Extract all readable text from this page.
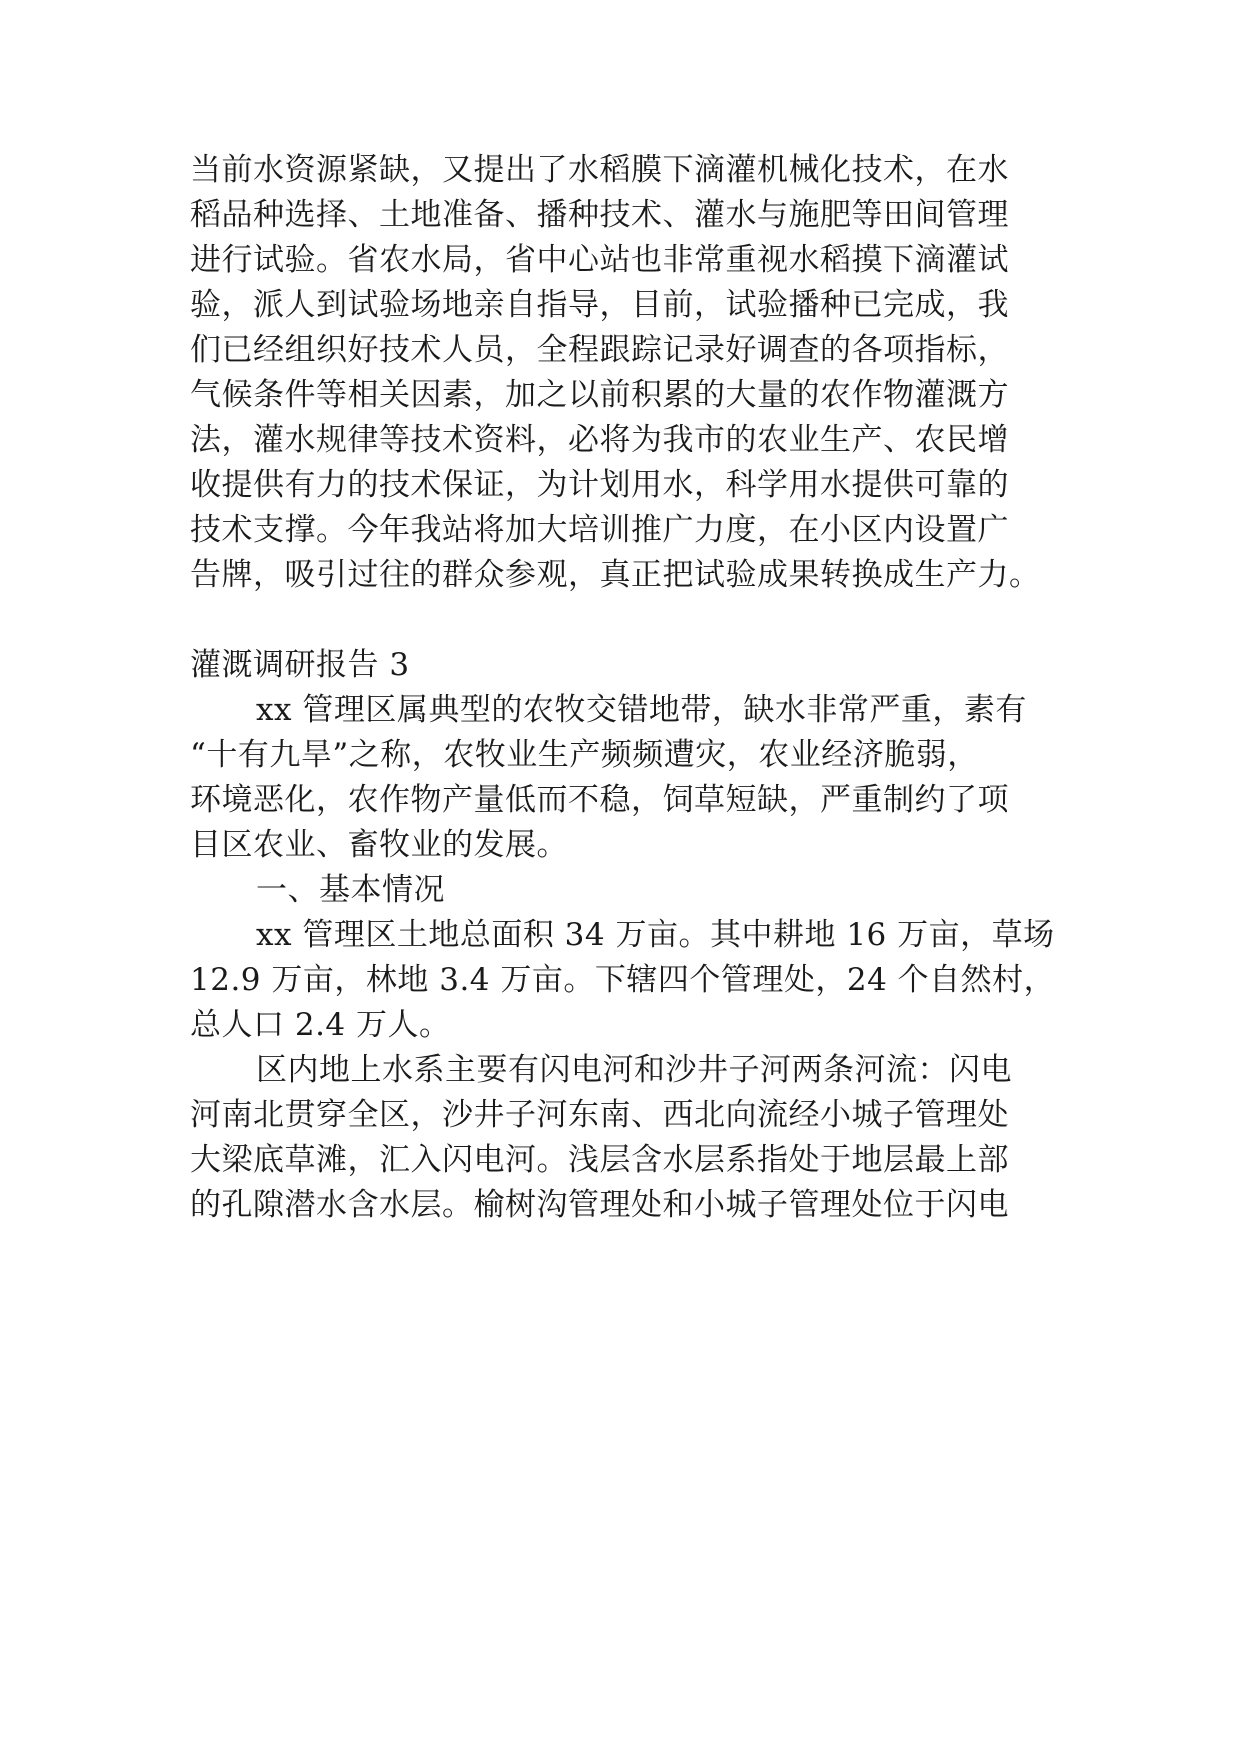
当前水资源紧缺，又提出了水稻膜下滴灌机械化技术，在水
稻品种选择、土地准备、播种技术、灌水与施肥等田间管理
进行试验。省农水局，省中心站也非常重视水稻摸下滴灌试
验，派人到试验场地亲自指导，目前，试验播种已完成，我
们已经组织好技术人员，全程跟踪记录好调查的各项指标，
气候条件等相关因素，加之以前积累的大量的农作物灌溉方
法，灌水规律等技术资料，必将为我市的农业生产、农民增
收提供有力的技术保证，为计划用水，科学用水提供可靠的
技术支撑。今年我站将加大培训推广力度，在小区内设置广
告牌，吸引过往的群众参观，真正把试验成果转换成生产力。
灌溉调研报告 3
xx 管理区属典型的农牧交错地带，缺水非常严重，素有
“十有九旱”之称，农牧业生产频频遭灾，农业经济脆弱，
环境恶化，农作物产量低而不稳，饲草短缺，严重制约了项
目区农业、畜牧业的发展。
一、基本情况
xx 管理区土地总面积 34 万亩。其中耕地 16 万亩，草场
12.9 万亩，林地 3.4 万亩。下辖四个管理处，24 个自然村，
总人口 2.4 万人。
区内地上水系主要有闪电河和沙井子河两条河流：闪电
河南北贯穿全区，沙井子河东南、西北向流经小城子管理处
大梁底草滩，汇入闪电河。浅层含水层系指处于地层最上部
的孔隙潜水含水层。榆树沟管理处和小城子管理处位于闪电
